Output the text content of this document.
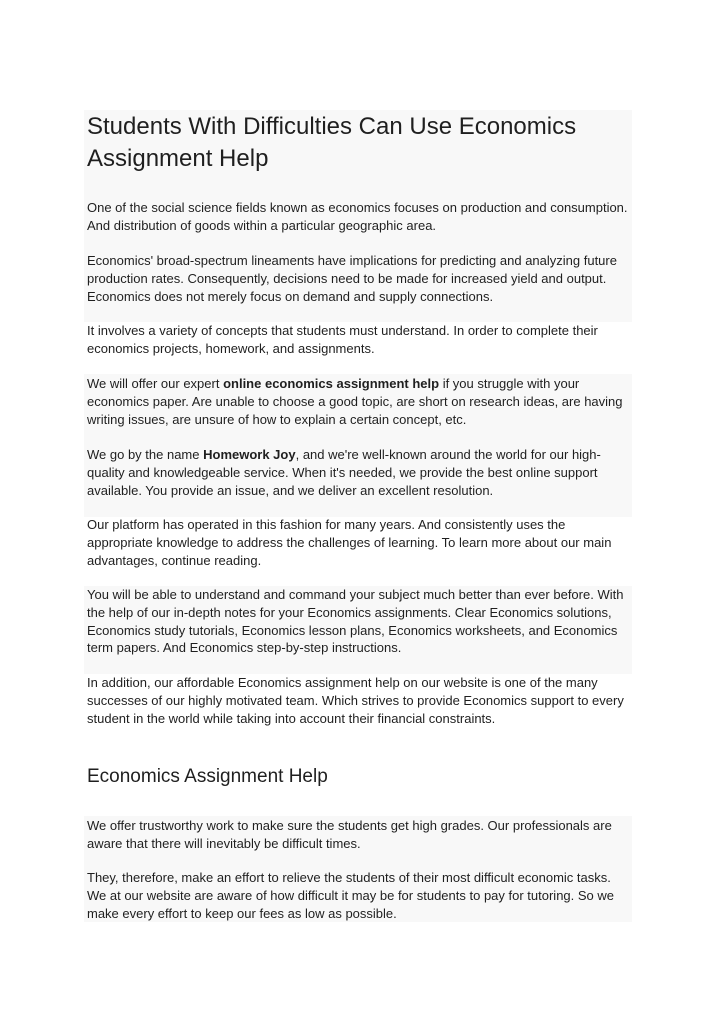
Students With Difficulties Can Use Economics Assignment Help

One of the social science fields known as economics focuses on production and consumption. And distribution of goods within a particular geographic area.

Economics' broad-spectrum lineaments have implications for predicting and analyzing future production rates. Consequently, decisions need to be made for increased yield and output. Economics does not merely focus on demand and supply connections.

It involves a variety of concepts that students must understand. In order to complete their economics projects, homework, and assignments.

We will offer our expert online economics assignment help if you struggle with your economics paper. Are unable to choose a good topic, are short on research ideas, are having writing issues, are unsure of how to explain a certain concept, etc.

We go by the name Homework Joy, and we're well-known around the world for our high-quality and knowledgeable service. When it's needed, we provide the best online support available. You provide an issue, and we deliver an excellent resolution.

Our platform has operated in this fashion for many years. And consistently uses the appropriate knowledge to address the challenges of learning. To learn more about our main advantages, continue reading.

You will be able to understand and command your subject much better than ever before. With the help of our in-depth notes for your Economics assignments. Clear Economics solutions, Economics study tutorials, Economics lesson plans, Economics worksheets, and Economics term papers. And Economics step-by-step instructions.

In addition, our affordable Economics assignment help on our website is one of the many successes of our highly motivated team. Which strives to provide Economics support to every student in the world while taking into account their financial constraints.

Economics Assignment Help

We offer trustworthy work to make sure the students get high grades. Our professionals are aware that there will inevitably be difficult times.

They, therefore, make an effort to relieve the students of their most difficult economic tasks. We at our website are aware of how difficult it may be for students to pay for tutoring. So we make every effort to keep our fees as low as possible.
